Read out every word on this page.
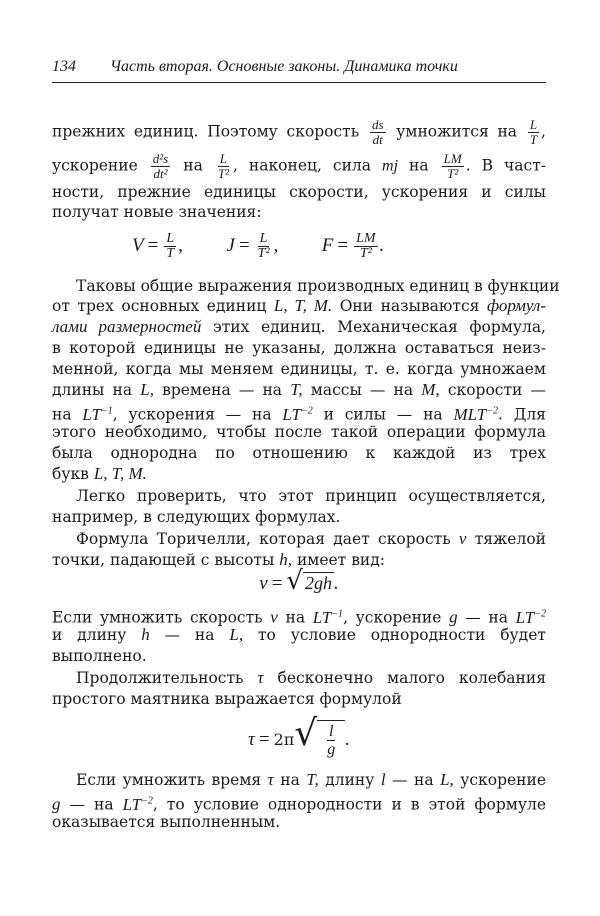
134 Часть вторая. Основные законы. Динамика точки
прежних единиц. Поэтому скорость $\frac{ds}{dt}$ умножится на $\frac{L}{T}$ ,
ускорение $\frac{\text{d²s}}{\text{dt²}}$ на $\frac{L}{\text{T²}}$ , наконец, сила mj на $\frac{LM}{\text{T²}}$ . В част-
ности, прежние единицы скорости, ускорения и силы
получат новые значения:
$V = \frac{L}{T}$ ,  $J = \frac{L}{\text{T²}}$ ,  $F = \frac{LM}{\text{T²}}$ .
Таковы общие выражения производных единиц в функции
от трех основных единиц L, T, M. Они называются формул-
лами размерностей этих единиц. Механическая формула,
в которой единицы не указаны, должна оставаться неиз-
менной, когда мы меняем единицы, т. е. когда умножаем
длины на L, времена — на T, массы — на M, скорости —
на $LT^{-1}$, ускорения — на $LT^{-2}$ и силы — на $MLT^{-2}$. Для
этого необходимо, чтобы после такой операции формула
была однородна по отношению к каждой из трех
букв L, T, M.
Легко проверить, что этот принцип осуществляется,
например, в следующих формулах.
Формула Торичелли, которая дает скорость v тяжелой
точки, падающей с высоты h, имеет вид:
v = √ 2gh .
Если умножить скорость v на $LT^{-1}$, ускорение g — на $LT^{-2}$
и длину h — на L, то условие однородности будет
выполнено.
Продолжительность τ бесконечно малого колебания
простого маятника выражается формулой
$\tau = 2\pi√ \frac{l}{g}$ .
Если умножить время τ на T, длину l — на L, ускорение
g — на $LT^{-2}$, то условие однородности и в этой формуле
оказывается выполненным.
